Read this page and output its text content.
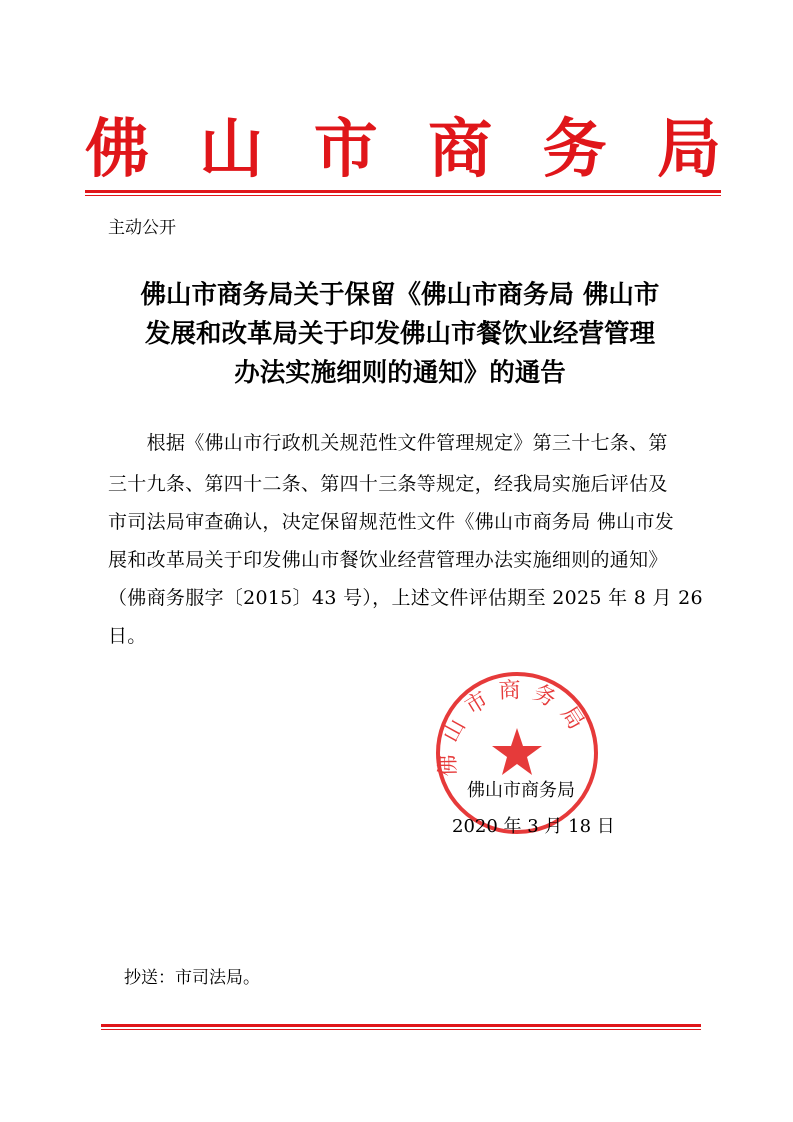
佛 山 市 商 务 局
主动公开
佛山市商务局关于保留《佛山市商务局 佛山市
发展和改革局关于印发佛山市餐饮业经营管理
办法实施细则的通知》的通告
　　根据《佛山市行政机关规范性文件管理规定》第三十七条、第
三十九条、第四十二条、第四十三条等规定，经我局实施后评估及
市司法局审查确认，决定保留规范性文件《佛山市商务局 佛山市发
展和改革局关于印发佛山市餐饮业经营管理办法实施细则的通知》
（佛商务服字〔2015〕43 号），上述文件评估期至 2025 年 8 月 26
日。
佛山市商务局
佛山市商务局
2020 年 3 月 18 日
抄送：市司法局。
